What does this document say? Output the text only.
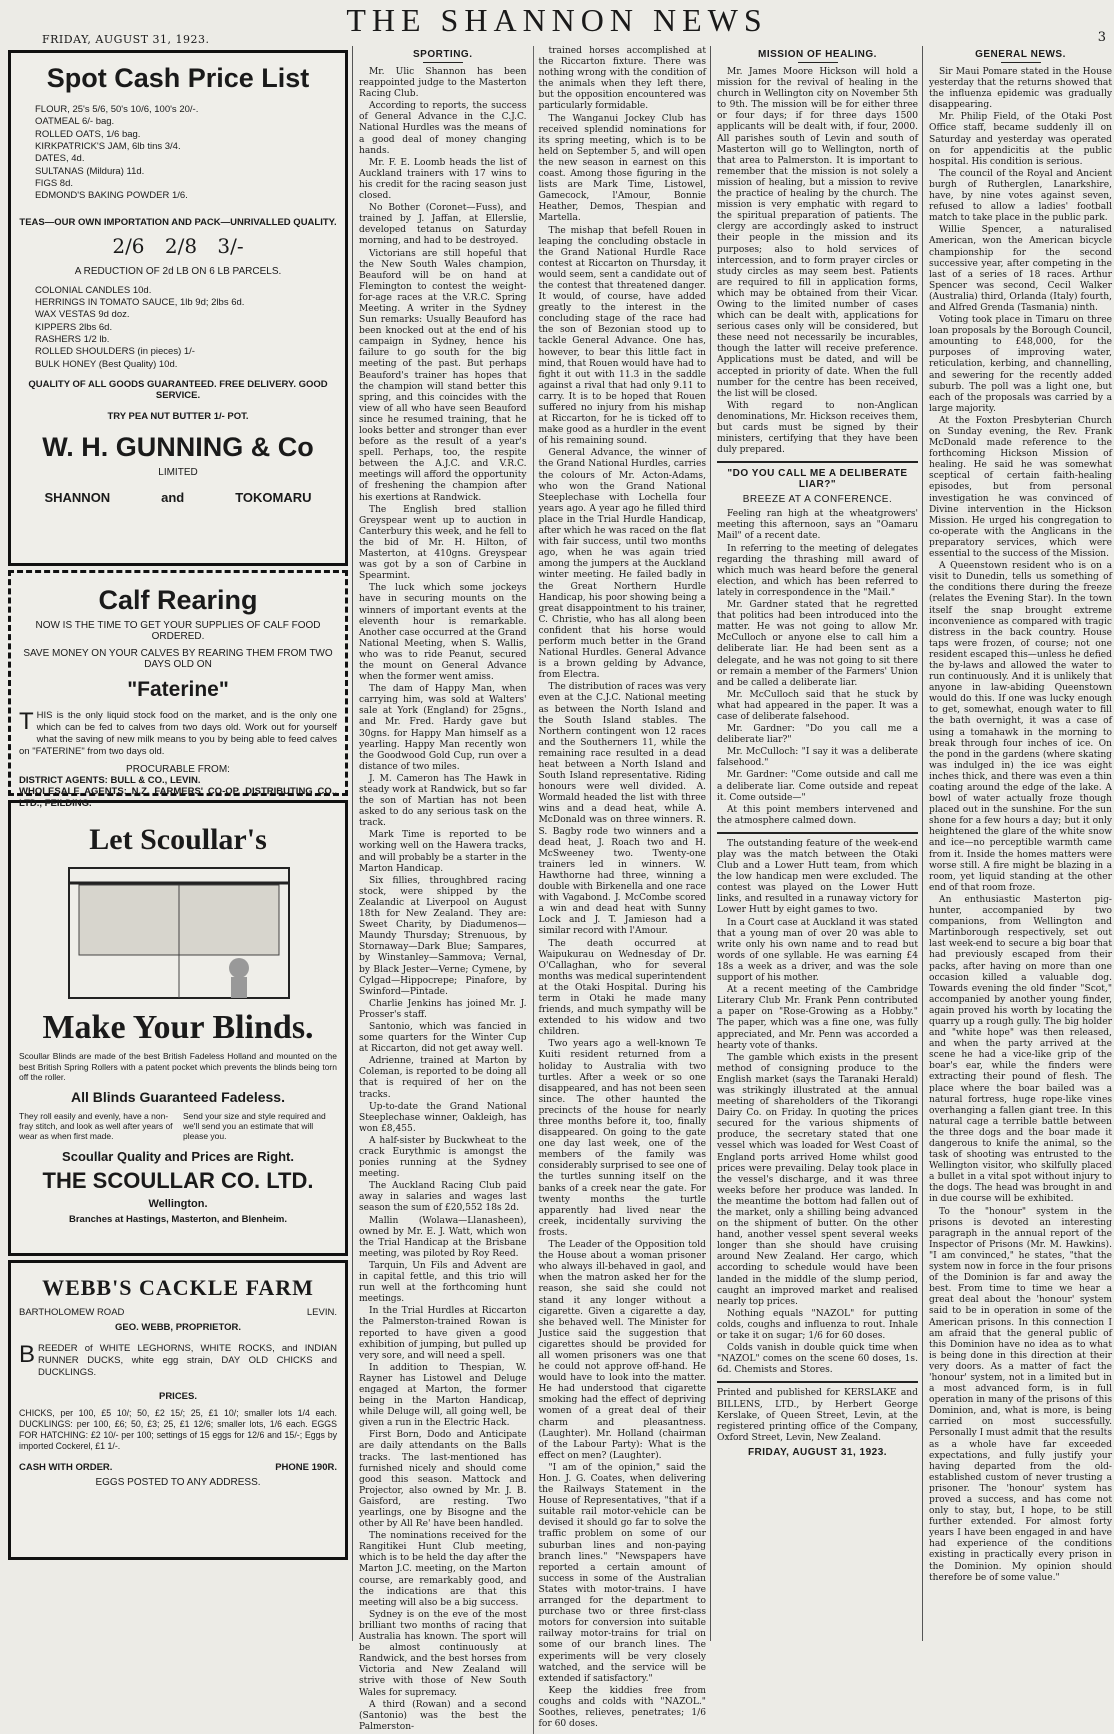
FRIDAY, AUGUST 31, 1923.
THE SHANNON NEWS	3
Spot Cash Price List
FLOUR, 25's 5/6, 50's 10/6, 100's 20/-.
OATMEAL 6/- bag.
ROLLED OATS, 1/6 bag.
KIRKPATRICK'S JAM, 6lb tins 3/4.
DATES, 4d.
SULTANAS (Mildura) 11d.
FIGS 8d.
EDMOND'S BAKING POWDER 1/6.
TEAS—OUR OWN IMPORTATION AND PACK—UNRIVALLED QUALITY.
2/6 2/8 3/-
A REDUCTION OF 2d LB ON 6 LB PARCELS.
COLONIAL CANDLES 10d.
HERRINGS IN TOMATO SAUCE, 1lb 9d; 2lbs 6d.
WAX VESTAS 9d doz.
KIPPERS 2lbs 6d.
RASHERS 1/2 lb.
ROLLED SHOULDERS (in pieces) 1/-
BULK HONEY (Best Quality) 10d.
QUALITY OF ALL GOODS GUARANTEED. FREE DELIVERY. GOOD SERVICE.
TRY PEA NUT BUTTER 1/- POT.
W. H. GUNNING & Co
LIMITED
SHANNON	and	TOKOMARU
Calf Rearing
NOW IS THE TIME TO GET YOUR SUPPLIES OF CALF FOOD ORDERED.
SAVE MONEY ON YOUR CALVES BY REARING THEM FROM TWO DAYS OLD ON
"Faterine"
THIS is the only liquid stock food on the market, and is the only one which can be fed to calves from two days old. Work out for yourself what the saving of new milk means to you by being able to feed calves on "FATERINE" from two days old.
PROCURABLE FROM:
DISTRICT AGENTS: BULL & CO., LEVIN.
WHOLESALE AGENTS: N.Z. FARMERS' CO-OP. DISTRIBUTING CO., LTD., FEILDING.
Let Scoullar's
Make Your Blinds.
Scoullar Blinds are made of the best British Fadeless Holland and mounted on the best British Spring Rollers with a patent pocket which prevents the blinds being torn off the roller.
All Blinds Guaranteed Fadeless.
They roll easily and evenly, have a non-fray stitch, and look as well after years of wear as when first made.
Send your size and style required and we'll send you an estimate that will please you.
Scoullar Quality and Prices are Right.
THE SCOULLAR CO. LTD.
Wellington.
Branches at Hastings, Masterton, and Blenheim.
WEBB'S CACKLE FARM
BARTHOLOMEW ROAD	LEVIN.
GEO. WEBB, PROPRIETOR.
BREEDER of WHITE LEGHORNS, WHITE ROCKS, and INDIAN RUNNER DUCKS, white egg strain, DAY OLD CHICKS and DUCKLINGS.
PRICES.
CHICKS, per 100, £5 10/; 50, £2 15/; 25, £1 10/; smaller lots 1/4 each. DUCKLINGS: per 100, £6; 50, £3; 25, £1 12/6; smaller lots, 1/6 each. EGGS FOR HATCHING: £2 10/- per 100; settings of 15 eggs for 12/6 and 15/-; Eggs by imported Cockerel, £1 1/-.
CASH WITH ORDER.	PHONE 190R.
EGGS POSTED TO ANY ADDRESS.
SPORTING.

Mr. Ulic Shannon has been reappointed judge to the Masterton Racing Club.

According to reports, the success of General Advance in the C.J.C. National Hurdles was the means of a good deal of money changing hands.

Mr. F. E. Loomb heads the list of Auckland trainers with 17 wins to his credit for the racing season just closed.

No Bother (Coronet—Fuss), and trained by J. Jaffan, at Ellerslie, developed tetanus on Saturday morning, and had to be destroyed.

Victorians are still hopeful that the New South Wales champion, Beauford will be on hand at Flemington to contest the weight-for-age races at the V.R.C. Spring Meeting. A writer in the Sydney Sun remarks: Usually Beauford has been knocked out at the end of his campaign in Sydney, hence his failure to go south for the big meeting of the past. But perhaps Beauford's trainer has hopes that the champion will stand better this spring, and this coincides with the view of all who have seen Beauford since he resumed training, that he looks better and stronger than ever before as the result of a year's spell. Perhaps, too, the respite between the A.J.C. and V.R.C. meetings will afford the opportunity of freshening the champion after his exertions at Randwick.

The English bred stallion Greyspear went up to auction in Canterbury this week, and he fell to the bid of Mr. H. Hilton, of Masterton, at 410gns. Greyspear was got by a son of Carbine in Spearmint.

The luck which some jockeys have in securing mounts on the winners of important events at the eleventh hour is remarkable. Another case occurred at the Grand National Meeting, when S. Wallis, who was to ride Peanut, secured the mount on General Advance when the former went amiss.

The dam of Happy Man, when carrying him, was sold at Walters' sale at York (England) for 25gns., and Mr. Fred. Hardy gave but 30gns. for Happy Man himself as a yearling. Happy Man recently won the Goodwood Gold Cup, run over a distance of two miles.

J. M. Cameron has The Hawk in steady work at Randwick, but so far the son of Martian has not been asked to do any serious task on the track.

Mark Time is reported to be working well on the Hawera tracks, and will probably be a starter in the Marton Handicap.

Six fillies, throughbred racing stock, were shipped by the Zealandic at Liverpool on August 18th for New Zealand. They are: Sweet Charity, by Diadumenos—Maundy Thursday; Strenuous, by Stornaway—Dark Blue; Sampares, by Winstanley—Sammova; Vernal, by Black Jester—Verne; Cymene, by Cylgad—Hippocrepe; Pinafore, by Swinford—Pintade.

Charlie Jenkins has joined Mr. J. Prosser's staff.

Santonio, which was fancied in some quarters for the Winter Cup at Riccarton, did not get away well.

Adrienne, trained at Marton by Coleman, is reported to be doing all that is required of her on the tracks.

Up-to-date the Grand National Steeplechase winner, Oakleigh, has won £8,455.

A half-sister by Buckwheat to the crack Eurythmic is amongst the ponies running at the Sydney meeting.

The Auckland Racing Club paid away in salaries and wages last season the sum of £20,552 18s 2d.

Mallin (Wolawa—Llanasheen), owned by Mr. E. J. Watt, which won the Trial Handicap at the Brisbane meeting, was piloted by Roy Reed.

Tarquin, Un Fils and Advent are in capital fettle, and this trio will run well at the forthcoming hunt meetings.

In the Trial Hurdles at Riccarton the Palmerston-trained Rowan is reported to have given a good exhibition of jumping, but pulled up very sore, and will need a spell.

In addition to Thespian, W. Rayner has Listowel and Deluge engaged at Marton, the former being in the Marton Handicap, while Deluge will, all going well, be given a run in the Electric Hack.

First Born, Dodo and Anticipate are daily attendants on the Balls tracks. The last-mentioned has furnished nicely and should come good this season. Mattock and Projector, also owned by Mr. J. B. Gaisford, are resting. Two yearlings, one by Bisogne and the other by All Re' have been handled.

The nominations received for the Rangitikei Hunt Club meeting, which is to be held the day after the Marton J.C. meeting, on the Marton course, are remarkably good, and the indications are that this meeting will also be a big success.

Sydney is on the eve of the most brilliant two months of racing that Australia has known. The sport will be almost continuously at Randwick, and the best horses from Victoria and New Zealand will strive with those of New South Wales for supremacy.

A third (Rowan) and a second (Santonio) was the best the Palmerston-

trained horses accomplished at the Riccarton fixture. There was nothing wrong with the condition of the animals when they left there, but the opposition encountered was particularly formidable.

The Wanganui Jockey Club has received splendid nominations for its spring meeting, which is to be held on September 5, and will open the new season in earnest on this coast. Among those figuring in the lists are Mark Time, Listowel, Gamecock, l'Amour, Bonnie Heather, Demos, Thespian and Martella.

The mishap that befell Rouen in leaping the concluding obstacle in the Grand National Hurdle Race contest at Riccarton on Thursday, it would seem, sent a candidate out of the contest that threatened danger. It would, of course, have added greatly to the interest in the concluding stage of the race had the son of Bezonian stood up to tackle General Advance. One has, however, to bear this little fact in mind, that Rouen would have had to fight it out with 11.3 in the saddle against a rival that had only 9.11 to carry. It is to be hoped that Rouen suffered no injury from his mishap at Riccarton, for he is ticked off to make good as a hurdler in the event of his remaining sound.

General Advance, the winner of the Grand National Hurdles, carries the colours of Mr. Acton-Adams, who won the Grand National Steeplechase with Lochella four years ago. A year ago he filled third place in the Trial Hurdle Handicap, after which he was raced on the flat with fair success, until two months ago, when he was again tried among the jumpers at the Auckland winter meeting. He failed badly in the Great Northern Hurdle Handicap, his poor showing being a great disappointment to his trainer, C. Christie, who has all along been confident that his horse would perform much better in the Grand National Hurdles. General Advance is a brown gelding by Advance, from Electra.

The distribution of races was very even at the C.J.C. National meeting as between the North Island and the South Island stables. The Northern contingent won 12 races and the Southerners 11, while the remaining race resulted in a dead heat between a North Island and South Island representative. Riding honours were well divided. A. Wormald headed the list with three wins and a dead heat, while A. McDonald was on three winners. R. S. Bagby rode two winners and a dead heat, J. Roach two and H. McSweeney two. Twenty-one trainers led in winners. W. Hawthorne had three, winning a double with Birkenella and one race with Vagabond. J. McCombe scored a win and dead heat with Sunny Lock and J. T. Jamieson had a similar record with l'Amour.

The death occurred at Waipukurau on Wednesday of Dr. O'Callaghan, who for several months was medical superintendent at the Otaki Hospital. During his term in Otaki he made many friends, and much sympathy will be extended to his widow and two children.

Two years ago a well-known Te Kuiti resident returned from a holiday to Australia with two turtles. After a week or so one disappeared, and has not been seen since. The other haunted the precincts of the house for nearly three months before it, too, finally disappeared. On going to the gate one day last week, one of the members of the family was considerably surprised to see one of the turtles sunning itself on the banks of a creek near the gate. For twenty months the turtle apparently had lived near the creek, incidentally surviving the frosts.

The Leader of the Opposition told the House about a woman prisoner who always ill-behaved in gaol, and when the matron asked her for the reason, she said she could not stand it any longer without a cigarette. Given a cigarette a day, she behaved well. The Minister for Justice said the suggestion that cigarettes should be provided for all women prisoners was one that he could not approve off-hand. He would have to look into the matter. He had understood that cigarette smoking had the effect of depriving women of a great deal of their charm and pleasantness. (Laughter). Mr. Holland (chairman of the Labour Party): What is the effect on men? (Laughter).

"I am of the opinion," said the Hon. J. G. Coates, when delivering the Railways Statement in the House of Representatives, "that if a suitable rail motor-vehicle can be devised it should go far to solve the traffic problem on some of our suburban lines and non-paying branch lines." "Newspapers have reported a certain amount of success in some of the Australian States with motor-trains. I have arranged for the department to purchase two or three first-class motors for conversion into suitable railway motor-trains for trial on some of our branch lines. The experiments will be very closely watched, and the service will be extended if satisfactory."

Keep the kiddies free from coughs and colds with "NAZOL." Soothes, relieves, penetrates; 1/6 for 60 doses.

MISSION OF HEALING.

Mr. James Moore Hickson will hold a mission for the revival of healing in the church in Wellington city on November 5th to 9th. The mission will be for either three or four days; if for three days 1500 applicants will be dealt with, if four, 2000. All parishes south of Levin and south of Masterton will go to Wellington, north of that area to Palmerston. It is important to remember that the mission is not solely a mission of healing, but a mission to revive the practice of healing by the church. The mission is very emphatic with regard to the spiritual preparation of patients. The clergy are accordingly asked to instruct their people in the mission and its purposes; also to hold services of intercession, and to form prayer circles or study circles as may seem best. Patients are required to fill in application forms, which may be obtained from their Vicar. Owing to the limited number of cases which can be dealt with, applications for serious cases only will be considered, but these need not necessarily be incurables, though the latter will receive preference. Applications must be dated, and will be accepted in priority of date. When the full number for the centre has been received, the list will be closed.

With regard to non-Anglican denominations, Mr. Hickson receives them, but cards must be signed by their ministers, certifying that they have been duly prepared.

"DO YOU CALL ME A DELIBERATE LIAR?"
BREEZE AT A CONFERENCE.

Feeling ran high at the wheatgrowers' meeting this afternoon, says an "Oamaru Mail" of a recent date.

In referring to the meeting of delegates regarding the thrashing mill award of which much was heard before the general election, and which has been referred to lately in correspondence in the "Mail."

Mr. Gardner stated that he regretted that politics had been introduced into the matter. He was not going to allow Mr. McCulloch or anyone else to call him a deliberate liar. He had been sent as a delegate, and he was not going to sit there or remain a member of the Farmers' Union and be called a deliberate liar.

Mr. McCulloch said that he stuck by what had appeared in the paper. It was a case of deliberate falsehood.

Mr. Gardner: "Do you call me a deliberate liar?"

Mr. McCulloch: "I say it was a deliberate falsehood."

Mr. Gardner: "Come outside and call me a deliberate liar. Come outside and repeat it. Come outside—"

At this point members intervened and the atmosphere calmed down.

The outstanding feature of the week-end play was the match between the Otaki Club and a Lower Hutt team, from which the low handicap men were excluded. The contest was played on the Lower Hutt links, and resulted in a runaway victory for Lower Hutt by eight games to two.

In a Court case at Auckland it was stated that a young man of over 20 was able to write only his own name and to read but words of one syllable. He was earning £4 18s a week as a driver, and was the sole support of his mother.

At a recent meeting of the Cambridge Literary Club Mr. Frank Penn contributed a paper on "Rose-Growing as a Hobby." The paper, which was a fine one, was fully appreciated, and Mr. Penn was accorded a hearty vote of thanks.

The gamble which exists in the present method of consigning produce to the English market (says the Taranaki Herald) was strikingly illustrated at the annual meeting of shareholders of the Tikorangi Dairy Co. on Friday. In quoting the prices secured for the various shipments of produce, the secretary stated that one vessel which was loaded for West Coast of England ports arrived Home whilst good prices were prevailing. Delay took place in the vessel's discharge, and it was three weeks before her produce was landed. In the meantime the bottom had fallen out of the market, only a shilling being advanced on the shipment of butter. On the other hand, another vessel spent several weeks longer than she should have cruising around New Zealand. Her cargo, which according to schedule would have been landed in the middle of the slump period, caught an improved market and realised nearly top prices.

Nothing equals "NAZOL" for putting colds, coughs and influenza to rout. Inhale or take it on sugar; 1/6 for 60 doses.

Colds vanish in double quick time when "NAZOL" comes on the scene 60 doses, 1s. 6d. Chemists and Stores.

Printed and published for KERSLAKE and BILLENS, LTD., by Herbert George Kerslake, of Queen Street, Levin, at the registered printing office of the Company, Oxford Street, Levin, New Zealand.
FRIDAY, AUGUST 31, 1923.
GENERAL NEWS.

Sir Maui Pomare stated in the House yesterday that the returns showed that the influenza epidemic was gradually disappearing.

Mr. Philip Field, of the Otaki Post Office staff, became suddenly ill on Saturday and yesterday was operated on for appendicitis at the public hospital. His condition is serious.

The council of the Royal and Ancient burgh of Rutherglen, Lanarkshire, have, by nine votes against seven, refused to allow a ladies' football match to take place in the public park.

Willie Spencer, a naturalised American, won the American bicycle championship for the second successive year, after competing in the last of a series of 18 races. Arthur Spencer was second, Cecil Walker (Australia) third, Orlanda (Italy) fourth, and Alfred Grenda (Tasmania) ninth.

Voting took place in Timaru on three loan proposals by the Borough Council, amounting to £48,000, for the purposes of improving water, reticulation, kerbing, and channelling, and sewering for the recently added suburb. The poll was a light one, but each of the proposals was carried by a large majority.

At the Foxton Presbyterian Church on Sunday evening, the Rev. Frank McDonald made reference to the forthcoming Hickson Mission of healing. He said he was somewhat sceptical of certain faith-healing episodes, but from personal investigation he was convinced of Divine intervention in the Hickson Mission. He urged his congregation to co-operate with the Anglicans in the preparatory services, which were essential to the success of the Mission.

A Queenstown resident who is on a visit to Dunedin, tells us something of the conditions there during the freeze (relates the Evening Star). In the town itself the snap brought extreme inconvenience as compared with tragic distress in the back country. House taps were frozen, of course; not one resident escaped this—unless he defied the by-laws and allowed the water to run continuously. And it is unlikely that anyone in law-abiding Queenstown would do this. If one was lucky enough to get, somewhat, enough water to fill the bath overnight, it was a case of using a tomahawk in the morning to break through four inches of ice. On the pond in the gardens (where skating was indulged in) the ice was eight inches thick, and there was even a thin coating around the edge of the lake. A bowl of water actually froze though placed out in the sunshine. For the sun shone for a few hours a day; but it only heightened the glare of the white snow and ice—no perceptible warmth came from it. Inside the homes matters were worse still. A fire might be blazing in a room, yet liquid standing at the other end of that room froze.

An enthusiastic Masterton pig-hunter, accompanied by two companions, from Wellington and Martinborough respectively, set out last week-end to secure a big boar that had previously escaped from their packs, after having on more than one occasion killed a valuable dog. Towards evening the old finder "Scot," accompanied by another young finder, again proved his worth by locating the quarry up a rough gully. The big holder and "white hope" was then released, and when the party arrived at the scene he had a vice-like grip of the boar's ear, while the finders were extracting their pound of flesh. The place where the boar bailed was a natural fortress, huge rope-like vines overhanging a fallen giant tree. In this natural cage a terrible battle between the three dogs and the boar made it dangerous to knife the animal, so the task of shooting was entrusted to the Wellington visitor, who skilfully placed a bullet in a vital spot without injury to the dogs. The head was brought in and in due course will be exhibited.

To the "honour" system in the prisons is devoted an interesting paragraph in the annual report of the Inspector of Prisons (Mr. M. Hawkins). "I am convinced," he states, "that the system now in force in the four prisons of the Dominion is far and away the best. From time to time we hear a great deal about the 'honour' system said to be in operation in some of the American prisons. In this connection I am afraid that the general public of this Dominion have no idea as to what is being done in this direction at their very doors. As a matter of fact the 'honour' system, not in a limited but in a most advanced form, is in full operation in many of the prisons of this Dominion, and, what is more, is being carried on most successfully. Personally I must admit that the results as a whole have far exceeded expectations, and fully justify your having departed from the old-established custom of never trusting a prisoner. The 'honour' system has proved a success, and has come not only to stay, but, I hope, to be still further extended. For almost forty years I have been engaged in and have had experience of the conditions existing in practically every prison in the Dominion. My opinion should therefore be of some value."
